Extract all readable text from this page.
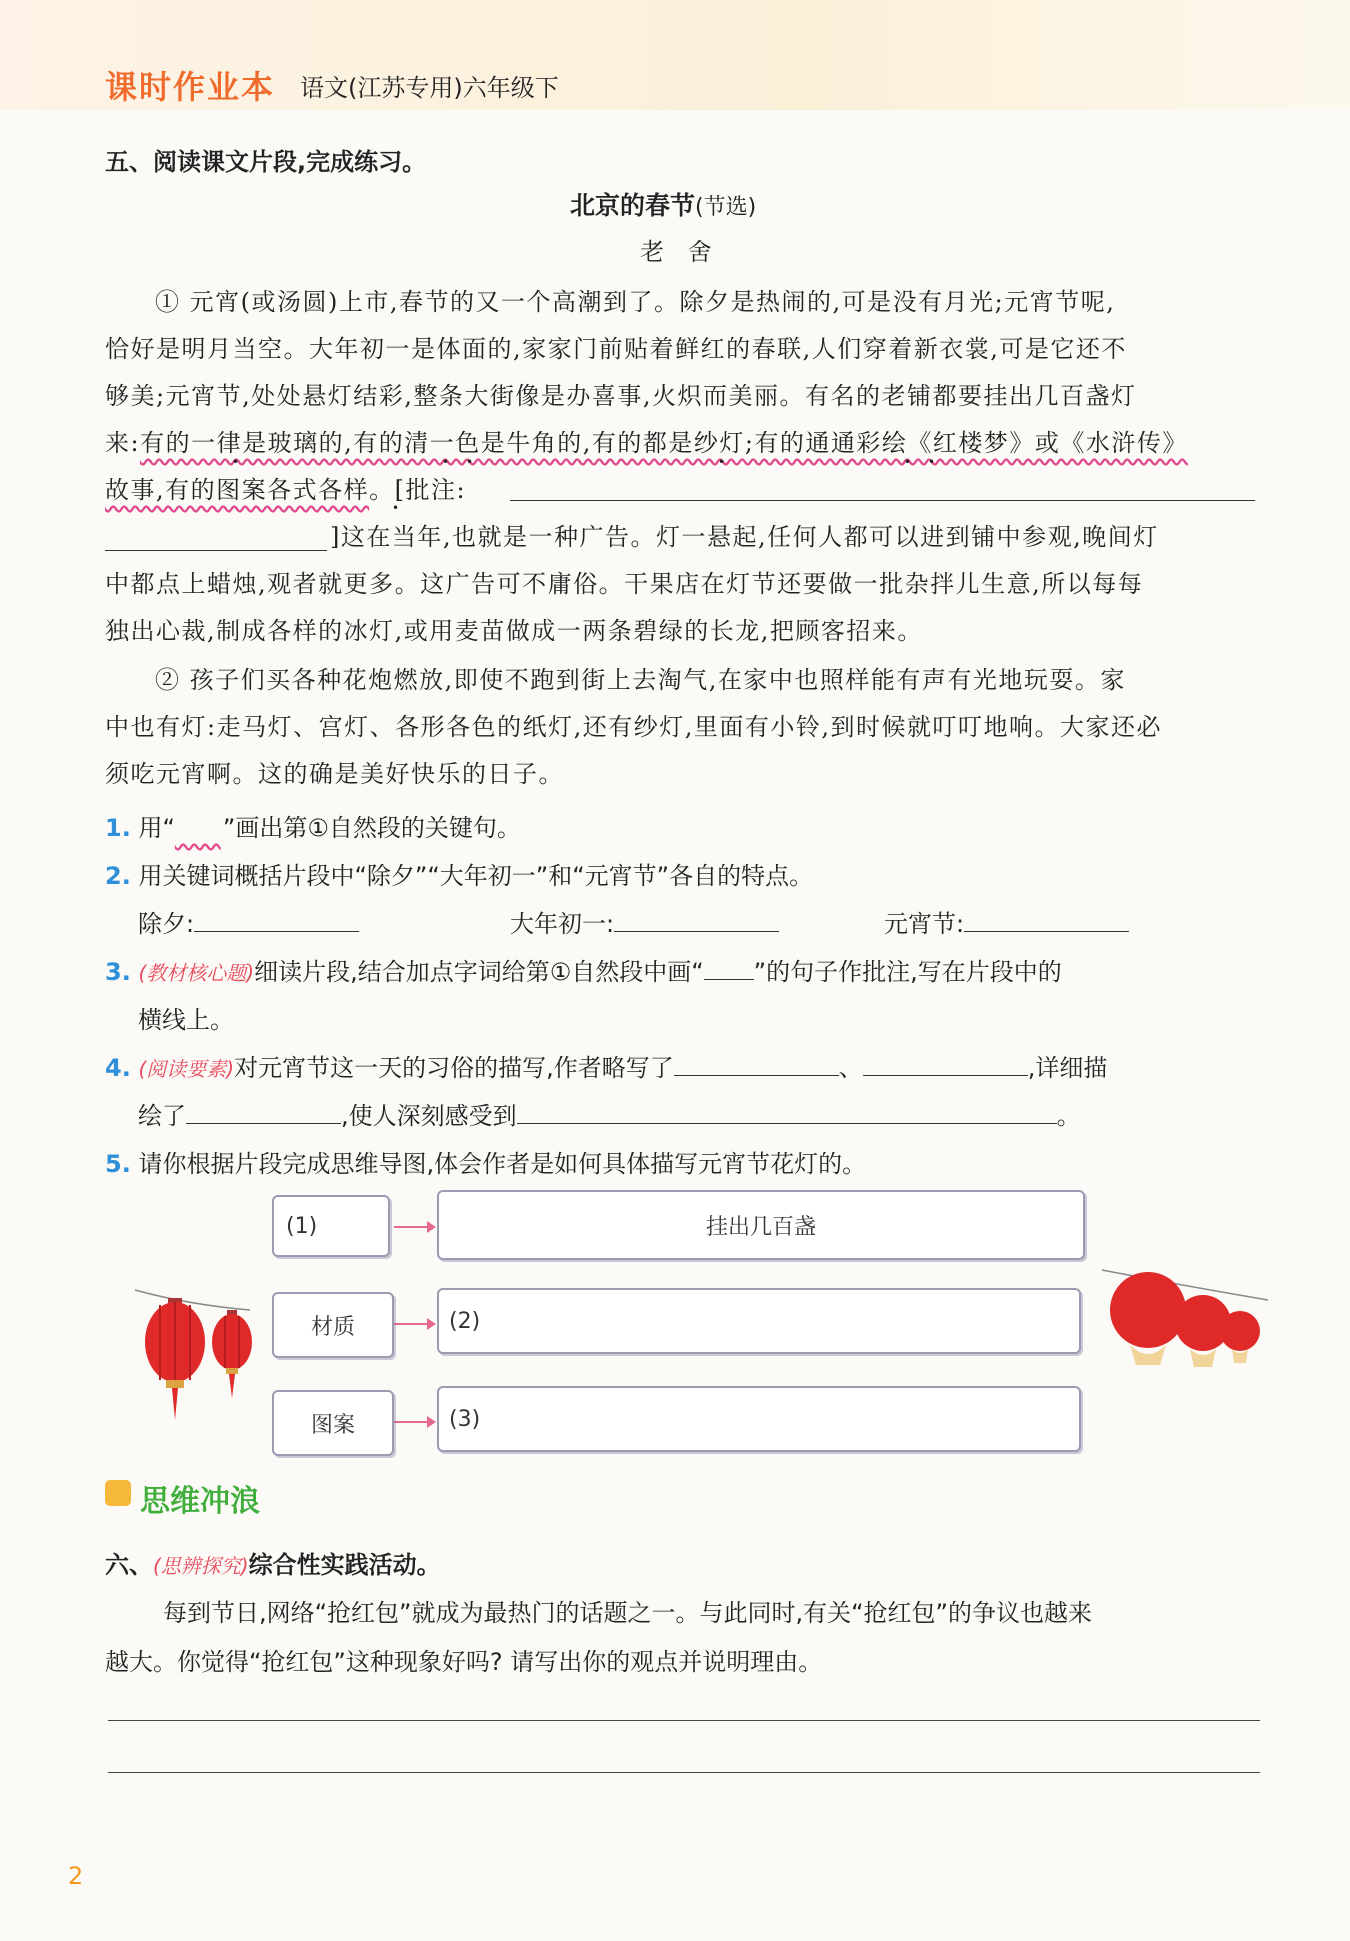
课时作业本 语文(江苏专用)六年级下
五、阅读课文片段,完成练习。
北京的春节(节选)
老 舍
① 元宵(或汤圆)上市,春节的又一个高潮到了。除夕是热闹的,可是没有月光;元宵节呢,
恰好是明月当空。大年初一是体面的,家家门前贴着鲜红的春联,人们穿着新衣裳,可是它还不
够美;元宵节,处处悬灯结彩,整条大街像是办喜事,火炽而美丽。有名的老铺都要挂出几百盏灯
来:有的一律是玻璃的,有的清一色是牛角的,有的都是纱灯;有的通通彩绘《红楼梦》或《水浒传》
故事,有的图案各式各样。[批注:
]这在当年,也就是一种广告。灯一悬起,任何人都可以进到铺中参观,晚间灯
中都点上蜡烛,观者就更多。这广告可不庸俗。干果店在灯节还要做一批杂拌儿生意,所以每每
独出心裁,制成各样的冰灯,或用麦苗做成一两条碧绿的长龙,把顾客招来。
•	• •	•	• •
•
② 孩子们买各种花炮燃放,即使不跑到街上去淘气,在家中也照样能有声有光地玩耍。家
中也有灯:走马灯、宫灯、各形各色的纸灯,还有纱灯,里面有小铃,到时候就叮叮地响。大家还必
须吃元宵啊。这的确是美好快乐的日子。
1. 用“ ”画出第①自然段的关键句。
2. 用关键词概括片段中“除夕”“大年初一”和“元宵节”各自的特点。
除夕:	大年初一:	元宵节:
3. (教材核心题)细读片段,结合加点字词给第①自然段中画“ ”的句子作批注,写在片段中的
横线上。
4. (阅读要素)对元宵节这一天的习俗的描写,作者略写了	、	,详细描
绘了	,使人深刻感受到	。
5. 请你根据片段完成思维导图,体会作者是如何具体描写元宵节花灯的。
(1)	挂出几百盏
材质	(2)
图案	(3)
思维冲浪
六、(思辨探究)综合性实践活动。
每到节日,网络“抢红包”就成为最热门的话题之一。与此同时,有关“抢红包”的争议也越来
越大。你觉得“抢红包”这种现象好吗? 请写出你的观点并说明理由。
2
